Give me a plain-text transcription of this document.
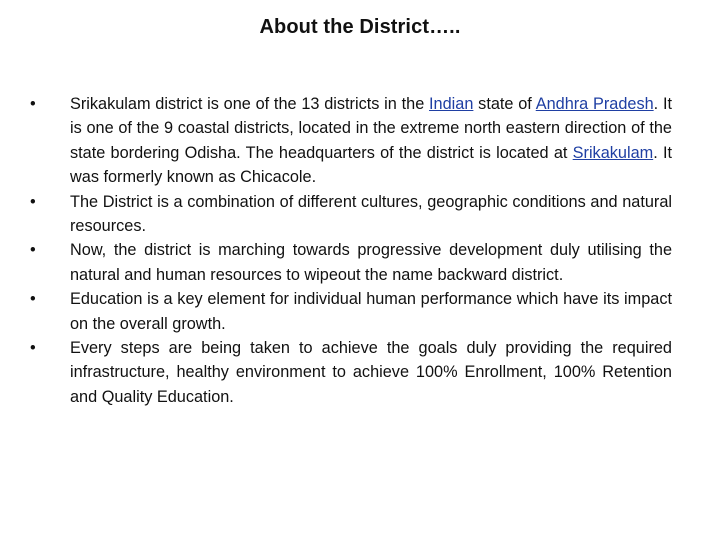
About the District…..
•	Srikakulam district is one of the 13 districts in the Indian state of Andhra Pradesh. It is one of the 9 coastal districts, located in the extreme north eastern direction of the state bordering Odisha. The headquarters of the district is located at Srikakulam. It was formerly known as Chicacole.
•	The District is a combination of different cultures, geographic conditions and natural resources.
•	Now, the district is marching towards progressive development duly utilising the natural and human resources to wipeout the name backward district.
•	Education is a key element for individual human performance which have its impact on the overall growth.
•	Every steps are being taken to achieve the goals duly providing the required infrastructure, healthy environment to achieve 100% Enrollment, 100% Retention and Quality Education.
